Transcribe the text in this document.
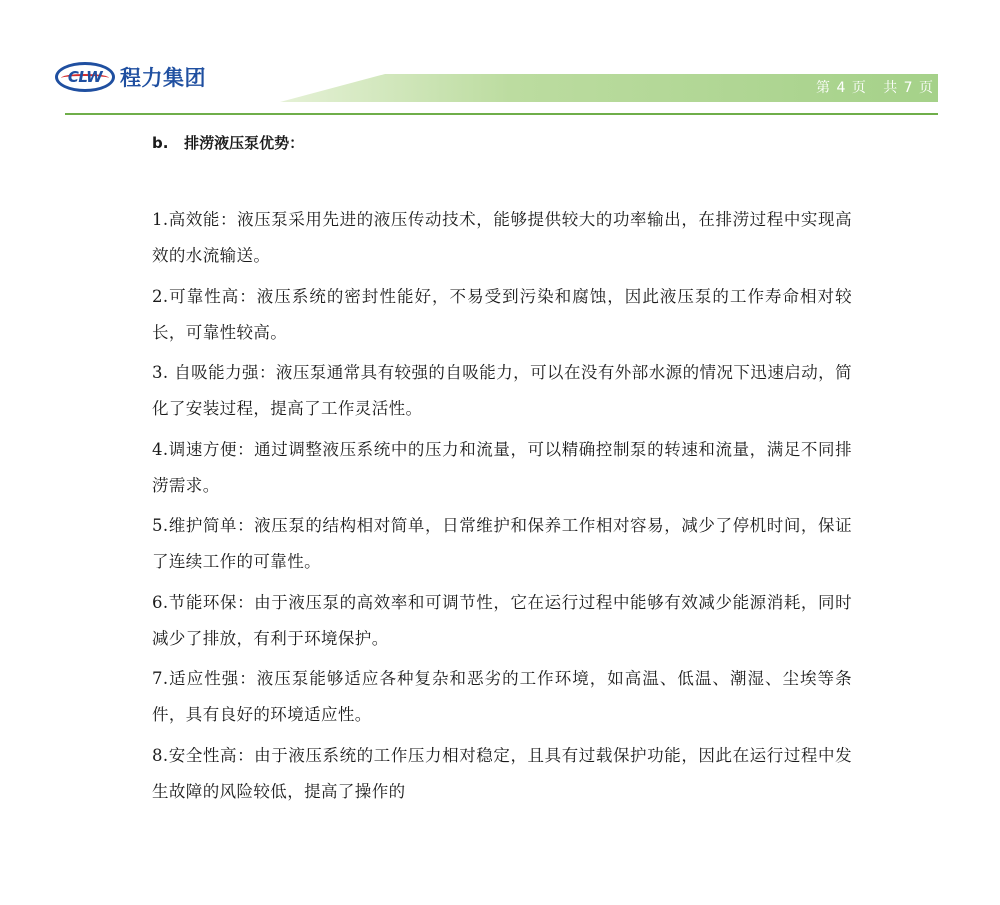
CLW 程力集团	第 4 页   共 7 页
b.   排涝液压泵优势：

1.高效能：液压泵采用先进的液压传动技术，能够提供较大的功率输出，在排涝过程中实现高效的水流输送。

2.可靠性高：液压系统的密封性能好，不易受到污染和腐蚀，因此液压泵的工作寿命相对较长，可靠性较高。

3. 自吸能力强：液压泵通常具有较强的自吸能力，可以在没有外部水源的情况下迅速启动，简化了安装过程，提高了工作灵活性。

4.调速方便：通过调整液压系统中的压力和流量，可以精确控制泵的转速和流量，满足不同排涝需求。

5.维护简单：液压泵的结构相对简单，日常维护和保养工作相对容易，减少了停机时间，保证了连续工作的可靠性。

6.节能环保：由于液压泵的高效率和可调节性，它在运行过程中能够有效减少能源消耗，同时减少了排放，有利于环境保护。

7.适应性强：液压泵能够适应各种复杂和恶劣的工作环境，如高温、低温、潮湿、尘埃等条件，具有良好的环境适应性。

8.安全性高：由于液压系统的工作压力相对稳定，且具有过载保护功能，因此在运行过程中发生故障的风险较低，提高了操作的
